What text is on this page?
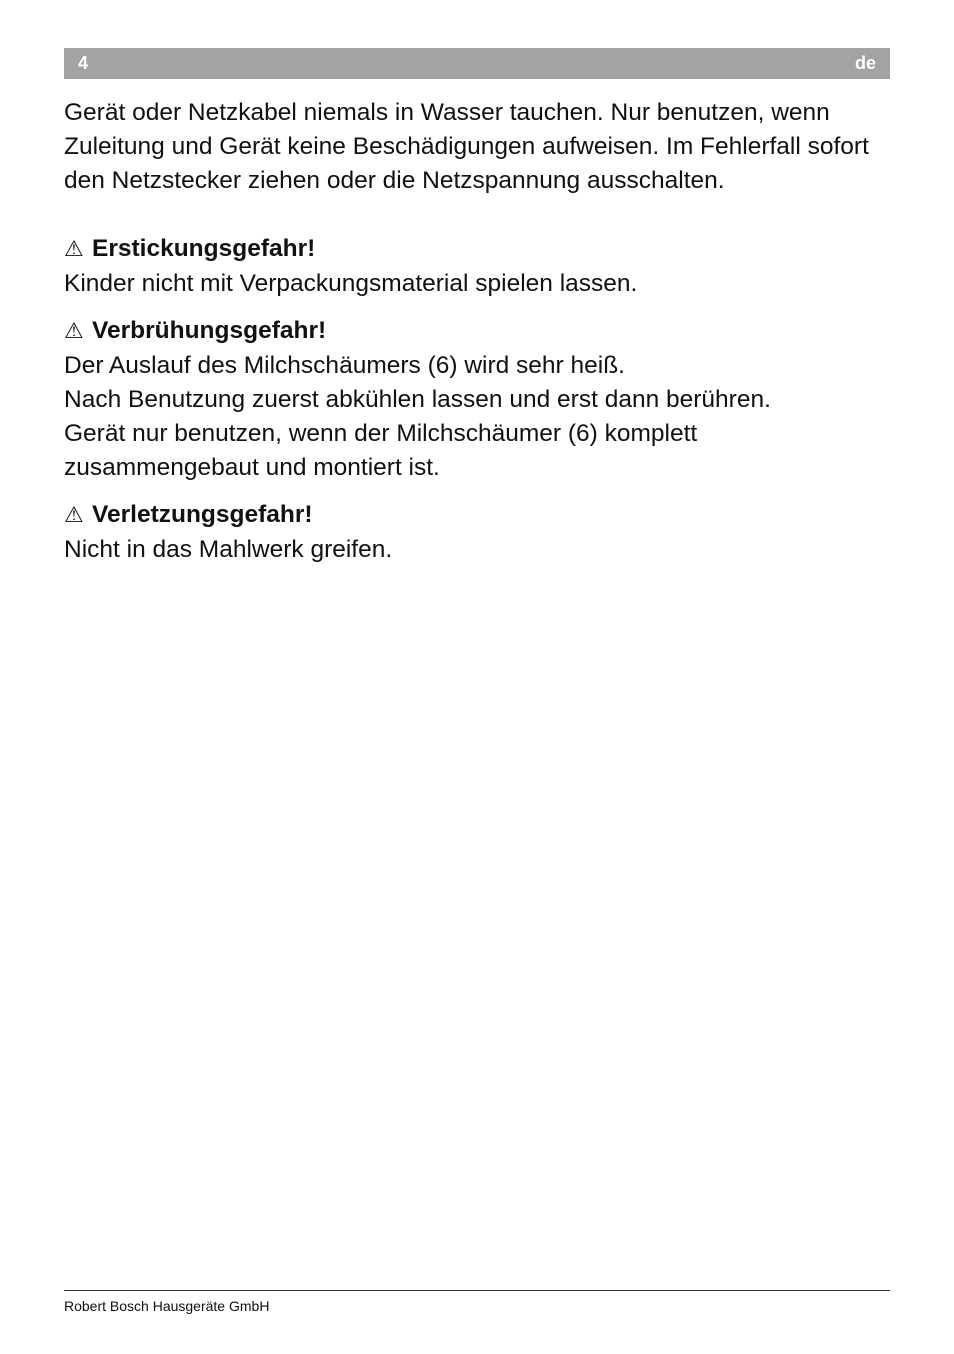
4	de

Gerät oder Netzkabel niemals in Wasser tauchen. Nur benutzen, wenn Zuleitung und Gerät keine Beschädigungen aufweisen. Im Fehlerfall sofort den Netzstecker ziehen oder die Netzspannung ausschalten.

⚠ Erstickungsgefahr!

Kinder nicht mit Verpackungsmaterial spielen lassen.

⚠ Verbrühungsgefahr!

Der Auslauf des Milchschäumers (6) wird sehr heiß.

Nach Benutzung zuerst abkühlen lassen und erst dann berühren.

Gerät nur benutzen, wenn der Milchschäumer (6) komplett zusammengebaut und montiert ist.

⚠ Verletzungsgefahr!

Nicht in das Mahlwerk greifen.

Robert Bosch Hausgeräte GmbH
